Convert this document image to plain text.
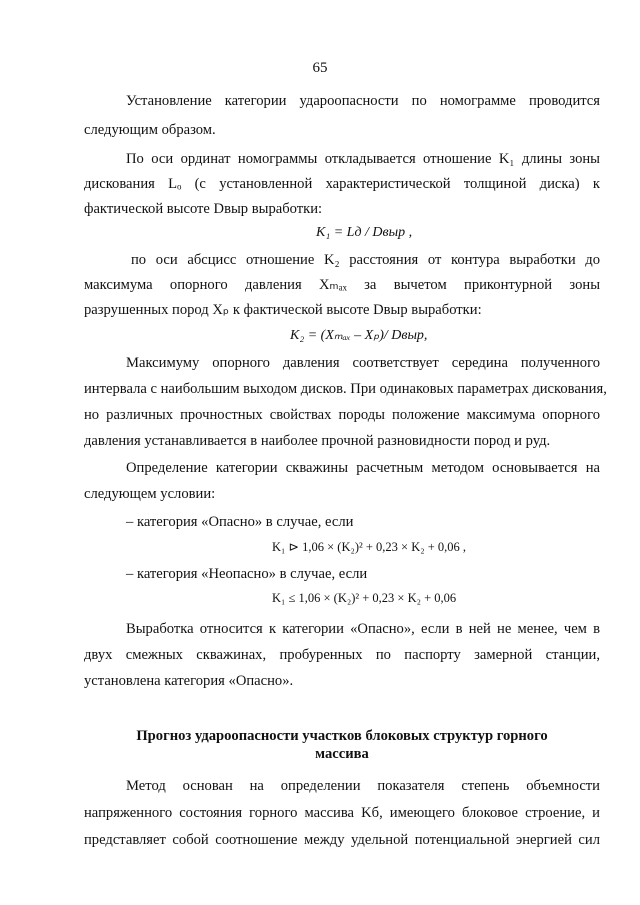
65
Установление категории удароопасности по номограмме проводится
следующим образом.
По оси ординат номограммы откладывается отношение K₁ длины зоны
дискования Lₒ (с установленной характеристической толщиной диска) к
фактической высоте Dвыр выработки:
K₁ = Lд / Dвыр ,
по оси абсцисс отношение K₂ расстояния от контура выработки до
максимума опорного давления Xₘₐₓ за вычетом приконтурной зоны
разрушенных пород Xₚ к фактической высоте Dвыр выработки:
K₂ = (Xₘₐₓ – Xₚ)/ Dвыр,
Максимуму опорного давления соответствует середина полученного
интервала с наибольшим выходом дисков. При одинаковых параметрах дискования,
но различных прочностных свойствах породы положение максимума опорного
давления устанавливается в наиболее прочной разновидности пород и руд.
Определение категории скважины расчетным методом основывается на
следующем условии:
– категория «Опасно» в случае, если
K₁ ⊳ 1,06 × (K₂)² + 0,23 × K₂ + 0,06 ,
– категория «Неопасно» в случае, если
K₁ ≤ 1,06 × (K₂)² + 0,23 × K₂ + 0,06
Выработка относится к категории «Опасно», если в ней не менее, чем в
двух смежных скважинах, пробуренных по паспорту замерной станции,
установлена категория «Опасно».
Прогноз удароопасности участков блоковых структур горного
массива
Метод основан на определении показателя степень объемности
напряженного состояния горного массива Kб, имеющего блоковое строение, и
представляет собой соотношение между удельной потенциальной энергией сил
